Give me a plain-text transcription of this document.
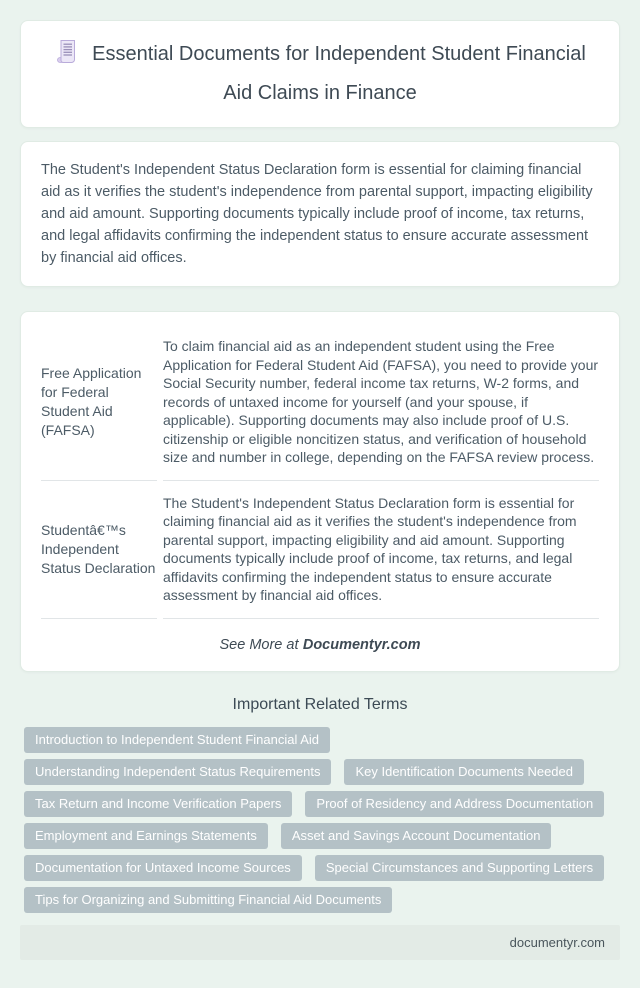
Essential Documents for Independent Student Financial Aid Claims in Finance

The Student's Independent Status Declaration form is essential for claiming financial aid as it verifies the student's independence from parental support, impacting eligibility and aid amount. Supporting documents typically include proof of income, tax returns, and legal affidavits confirming the independent status to ensure accurate assessment by financial aid offices.

Free Application for Federal Student Aid (FAFSA)	To claim financial aid as an independent student using the Free Application for Federal Student Aid (FAFSA), you need to provide your Social Security number, federal income tax returns, W-2 forms, and records of untaxed income for yourself (and your spouse, if applicable). Supporting documents may also include proof of U.S. citizenship or eligible noncitizen status, and verification of household size and number in college, depending on the FAFSA review process.
Studentâ€™s Independent Status Declaration	The Student's Independent Status Declaration form is essential for claiming financial aid as it verifies the student's independence from parental support, impacting eligibility and aid amount. Supporting documents typically include proof of income, tax returns, and legal affidavits confirming the independent status to ensure accurate assessment by financial aid offices.

See More at Documentyr.com

Important Related Terms
Introduction to Independent Student Financial Aid
Understanding Independent Status Requirements	Key Identification Documents Needed
Tax Return and Income Verification Papers	Proof of Residency and Address Documentation
Employment and Earnings Statements	Asset and Savings Account Documentation
Documentation for Untaxed Income Sources	Special Circumstances and Supporting Letters
Tips for Organizing and Submitting Financial Aid Documents
documentyr.com
